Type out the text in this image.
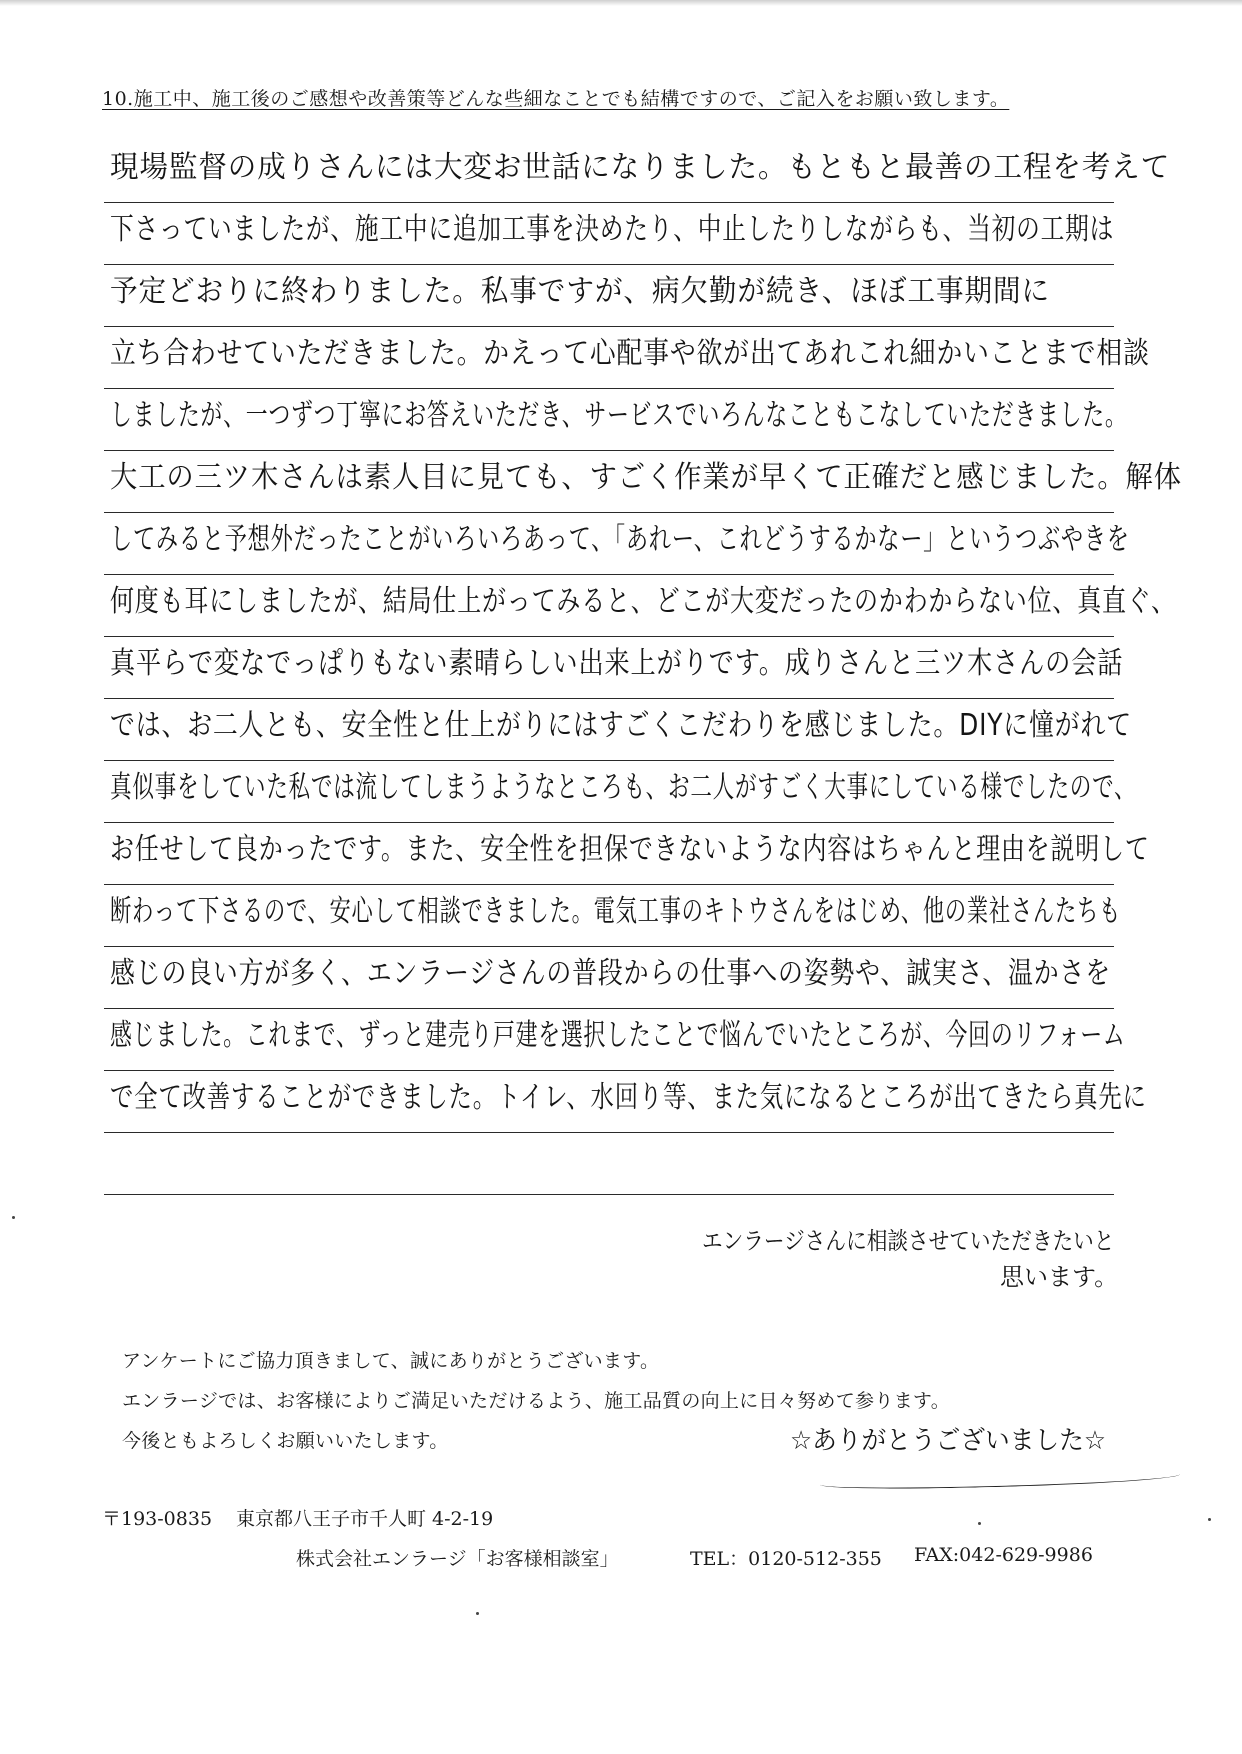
10.施工中、施工後のご感想や改善策等どんな些細なことでも結構ですので、ご記入をお願い致します。
現場監督の成りさんには大変お世話になりました。もともと最善の工程を考えて
下さっていましたが、施工中に追加工事を決めたり、中止したりしながらも、当初の工期は
予定どおりに終わりました。私事ですが、病欠勤が続き、ほぼ工事期間に
立ち合わせていただきました。かえって心配事や欲が出てあれこれ細かいことまで相談
しましたが、一つずつ丁寧にお答えいただき、サービスでいろんなこともこなしていただきました。
大工の三ツ木さんは素人目に見ても、すごく作業が早くて正確だと感じました。解体
してみると予想外だったことがいろいろあって、「あれー、これどうするかなー」というつぶやきを
何度も耳にしましたが、結局仕上がってみると、どこが大変だったのかわからない位、真直ぐ、
真平らで変なでっぱりもない素晴らしい出来上がりです。成りさんと三ツ木さんの会話
では、お二人とも、安全性と仕上がりにはすごくこだわりを感じました。DIYに憧がれて
真似事をしていた私では流してしまうようなところも、お二人がすごく大事にしている様でしたので、
お任せして良かったです。また、安全性を担保できないような内容はちゃんと理由を説明して
断わって下さるので、安心して相談できました。電気工事のキトウさんをはじめ、他の業社さんたちも
感じの良い方が多く、エンラージさんの普段からの仕事への姿勢や、誠実さ、温かさを
感じました。これまで、ずっと建売り戸建を選択したことで悩んでいたところが、今回のリフォーム
で全て改善することができました。トイレ、水回り等、また気になるところが出てきたら真先に
エンラージさんに相談させていただきたいと
思います。
☆ありがとうございました☆
アンケートにご協力頂きまして、誠にありがとうございます。
エンラージでは、お客様によりご満足いただけるよう、施工品質の向上に日々努めて参ります。
今後ともよろしくお願いいたします。
〒193-0835 東京都八王子市千人町 4-2-19
株式会社エンラージ「お客様相談室」	TEL：0120-512-355 FAX:042-629-9986
